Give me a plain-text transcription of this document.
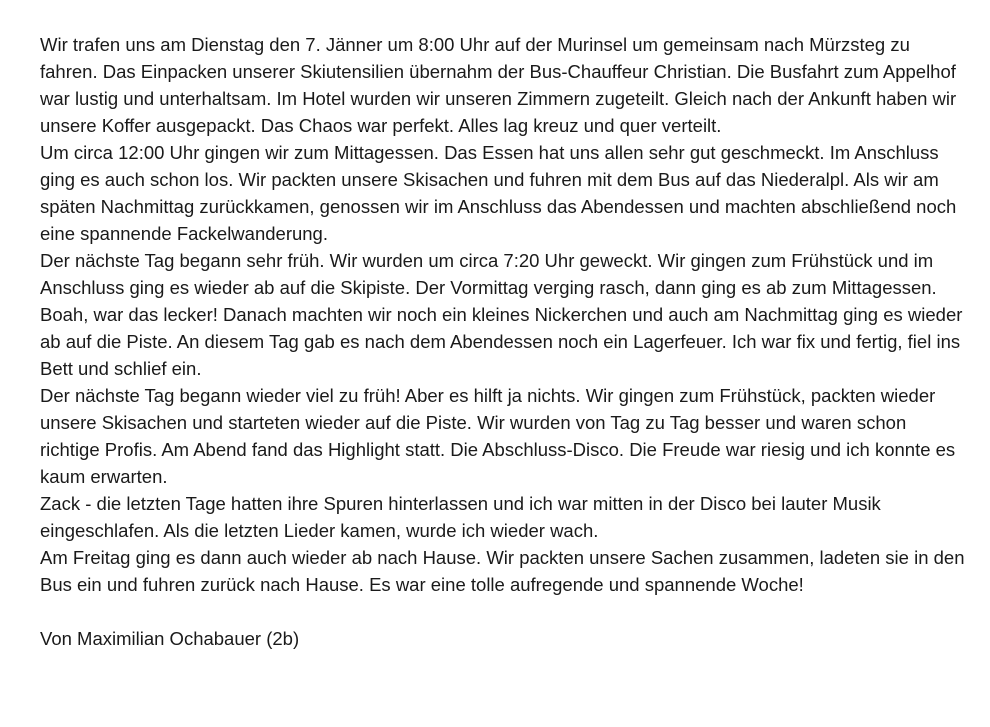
Wir trafen uns am Dienstag den 7. Jänner um 8:00 Uhr auf der Murinsel um gemeinsam nach Mürzsteg zu fahren. Das Einpacken unserer Skiutensilien übernahm der Bus-Chauffeur Christian. Die Busfahrt zum Appelhof war lustig und unterhaltsam. Im Hotel wurden wir unseren Zimmern zugeteilt. Gleich nach der Ankunft haben wir unsere Koffer ausgepackt. Das Chaos war perfekt. Alles lag kreuz und quer verteilt.

Um circa 12:00 Uhr gingen wir zum Mittagessen. Das Essen hat uns allen sehr gut geschmeckt. Im Anschluss ging es auch schon los. Wir packten unsere Skisachen und fuhren mit dem Bus auf das Niederalpl. Als wir am späten Nachmittag zurückkamen, genossen wir im Anschluss das Abendessen und machten abschließend noch eine spannende Fackelwanderung.

Der nächste Tag begann sehr früh. Wir wurden um circa 7:20 Uhr geweckt. Wir gingen zum Frühstück und im Anschluss ging es wieder ab auf die Skipiste. Der Vormittag verging rasch, dann ging es ab zum Mittagessen. Boah, war das lecker! Danach machten wir noch ein kleines Nickerchen und auch am Nachmittag ging es wieder ab auf die Piste. An diesem Tag gab es nach dem Abendessen noch ein Lagerfeuer. Ich war fix und fertig, fiel ins Bett und schlief ein.

Der nächste Tag begann wieder viel zu früh! Aber es hilft ja nichts. Wir gingen zum Frühstück, packten wieder unsere Skisachen und starteten wieder auf die Piste. Wir wurden von Tag zu Tag besser und waren schon richtige Profis. Am Abend fand das Highlight statt. Die Abschluss-Disco. Die Freude war riesig und ich konnte es kaum erwarten.

Zack - die letzten Tage hatten ihre Spuren hinterlassen und ich war mitten in der Disco bei lauter Musik eingeschlafen. Als die letzten Lieder kamen, wurde ich wieder wach.

Am Freitag ging es dann auch wieder ab nach Hause. Wir packten unsere Sachen zusammen, ladeten sie in den Bus ein und fuhren zurück nach Hause. Es war eine tolle aufregende und spannende Woche!

Von Maximilian Ochabauer (2b)
